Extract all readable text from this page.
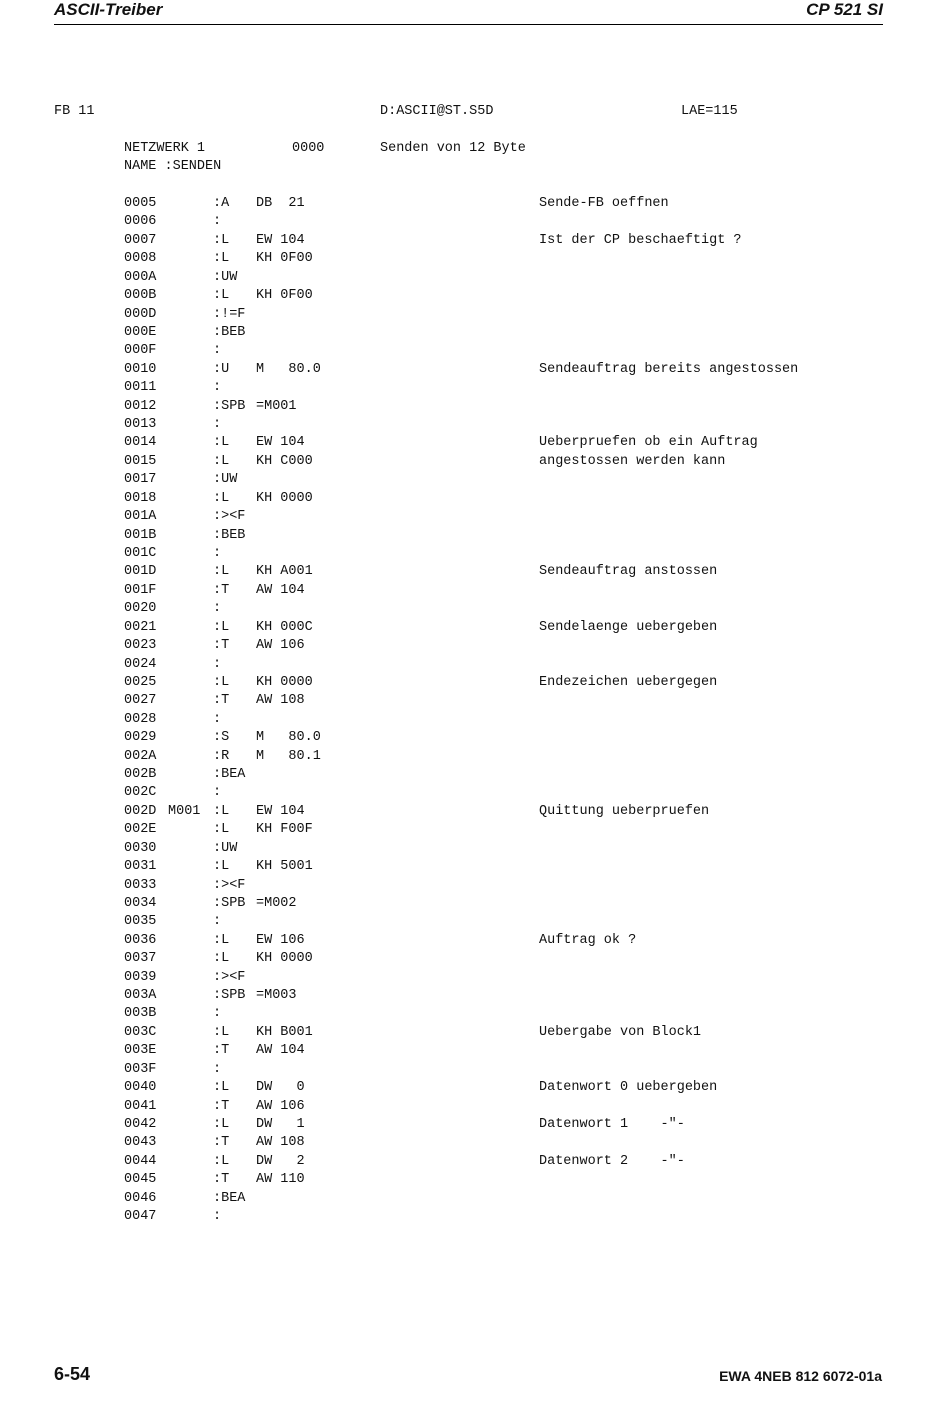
ASCII-Treiber	CP 521 SI

FB 11

	D:ASCII@ST.S5D

	LAE=115

NETZWERK 1

	0000

	Senden von 12 Byte

NAME :SENDEN

0005	:A DB  21	Sende-FB oeffnen
0006	:
0007	:L EW 104	Ist der CP beschaeftigt ?
0008	:L KH 0F00
000A	:UW
000B	:L KH 0F00
000D	:!=F
000E	:BEB
000F	:
0010	:U M   80.0	Sendeauftrag bereits angestossen
0011	:
0012	:SPB =M001
0013	:
0014	:L EW 104	Ueberpruefen ob ein Auftrag
0015	:L KH C000	angestossen werden kann
0017	:UW
0018	:L KH 0000
001A	:><F
001B	:BEB
001C	:
001D	:L KH A001	Sendeauftrag anstossen
001F	:T AW 104
0020	:
0021	:L KH 000C	Sendelaenge uebergeben
0023	:T AW 106
0024	:
0025	:L KH 0000	Endezeichen uebergegen
0027	:T AW 108
0028	:
0029	:S M   80.0
002A	:R M   80.1
002B	:BEA
002C	:
002D M001 :L EW 104	Quittung ueberpruefen
002E	:L KH F00F
0030	:UW
0031	:L KH 5001
0033	:><F
0034	:SPB =M002
0035	:
0036	:L EW 106	Auftrag ok ?
0037	:L KH 0000
0039	:><F
003A	:SPB =M003
003B	:
003C	:L KH B001	Uebergabe von Block1
003E	:T AW 104
003F	:
0040	:L DW   0	Datenwort 0 uebergeben
0041	:T AW 106
0042	:L DW   1	Datenwort 1    -"-
0043	:T AW 108
0044	:L DW   2	Datenwort 2    -"-
0045	:T AW 110
0046	:BEA
0047	:
6-54	EWA 4NEB 812 6072-01a
